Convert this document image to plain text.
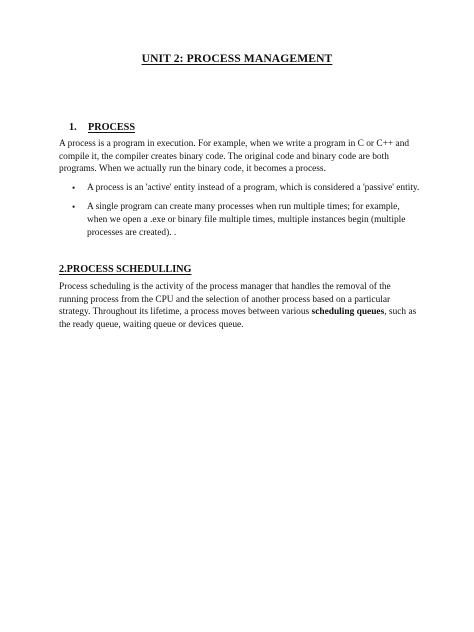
UNIT 2: PROCESS MANAGEMENT
1. PROCESS

A process is a program in execution. For example, when we write a program in C or C++ and compile it, the compiler creates binary code. The original code and binary code are both programs. When we actually run the binary code, it becomes a process.

• A process is an 'active' entity instead of a program, which is considered a 'passive' entity.
• A single program can create many processes when run multiple times; for example, when we open a .exe or binary file multiple times, multiple instances begin (multiple processes are created). .
2.PROCESS SCHEDULLING

Process scheduling is the activity of the process manager that handles the removal of the running process from the CPU and the selection of another process based on a particular strategy. Throughout its lifetime, a process moves between various scheduling queues, such as the ready queue, waiting queue or devices queue.
